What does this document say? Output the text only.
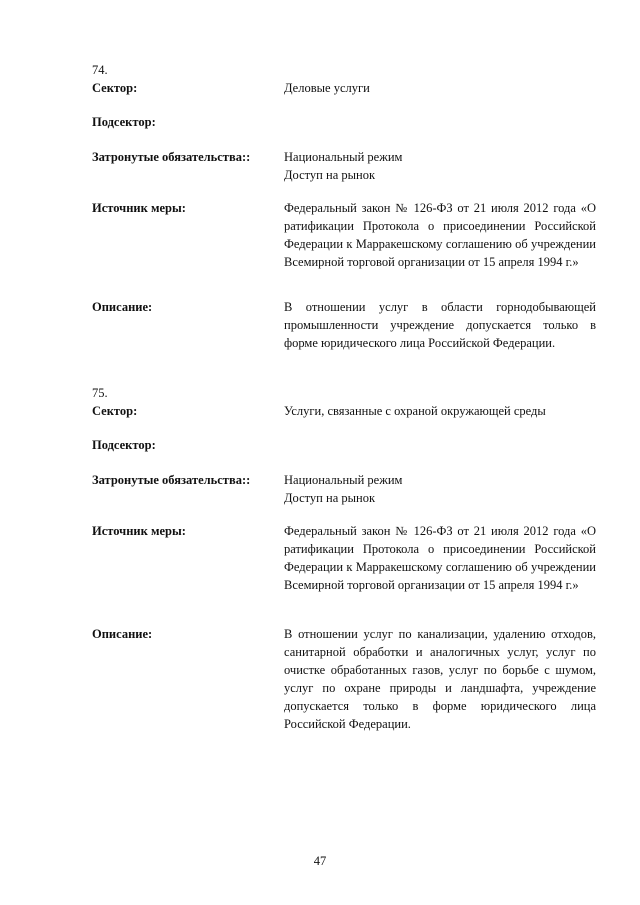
74.
Сектор:	Деловые услуги
Подсектор:
Затронутые обязательства::	Национальный режим
Доступ на рынок
Источник меры:	Федеральный закон № 126-ФЗ от 21 июля 2012 года «О ратификации Протокола о присоединении Российской Федерации к Марракешскому соглашению об учреждении Всемирной торговой организации от 15 апреля 1994 г.»
Описание:	В отношении услуг в области горнодобывающей промышленности учреждение допускается только в форме юридического лица Российской Федерации.
75.
Сектор:	Услуги, связанные с охраной окружающей среды
Подсектор:
Затронутые обязательства::	Национальный режим
Доступ на рынок
Источник меры:	Федеральный закон № 126-ФЗ от 21 июля 2012 года «О ратификации Протокола о присоединении Российской Федерации к Марракешскому соглашению об учреждении Всемирной торговой организации от 15 апреля 1994 г.»
Описание:	В отношении услуг по канализации, удалению отходов, санитарной обработки и аналогичных услуг, услуг по очистке обработанных газов, услуг по борьбе с шумом, услуг по охране природы и ландшафта, учреждение допускается только в форме юридического лица Российской Федерации.
47
